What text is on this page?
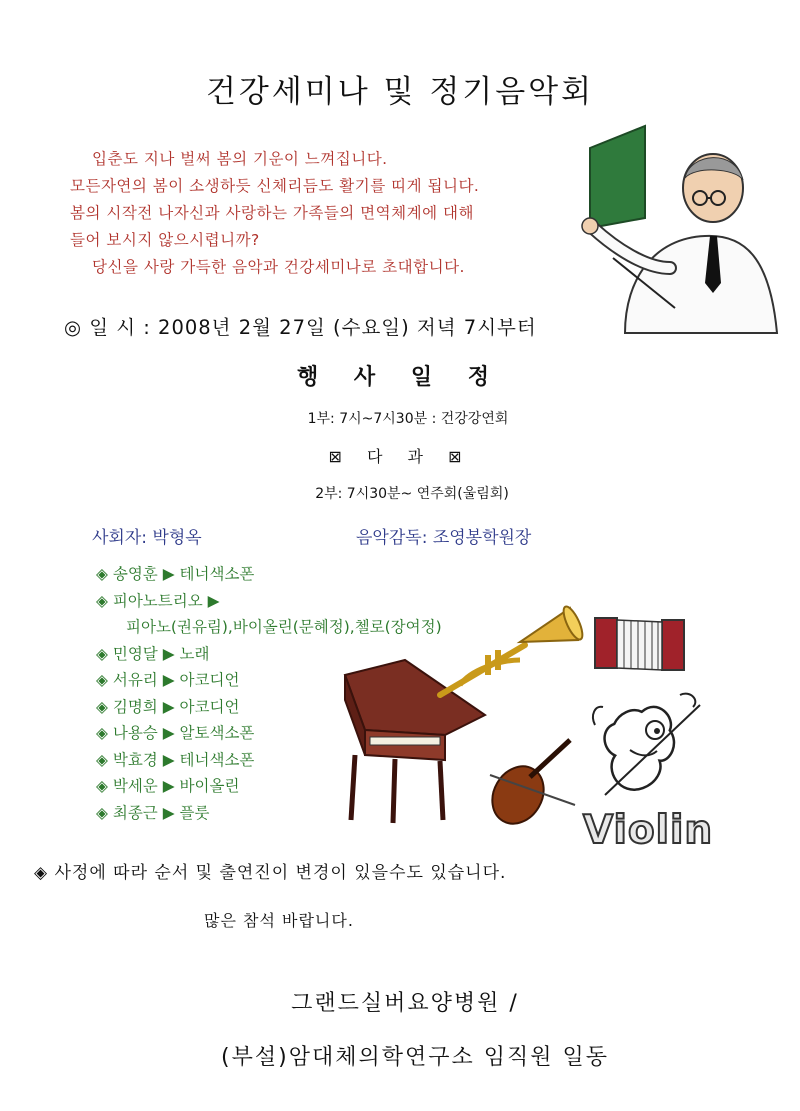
건강세미나 및 정기음악회
입춘도 지나 벌써 봄의 기운이 느껴집니다.
모든자연의 봄이 소생하듯 신체리듬도 활기를 띠게 됩니다.
봄의 시작전 나자신과 사랑하는 가족들의 면역체계에 대해
들어 보시지 않으시렵니까?
당신을 사랑 가득한 음악과 건강세미나로 초대합니다.
◎ 일 시 : 2008년 2월 27일 (수요일) 저녁 7시부터
행 사 일 정
1부: 7시~7시30분 : 건강강연회
⊠ 다 과 ⊠
2부: 7시30분~ 연주회(울림회)
사회자: 박형옥	음악감독: 조영봉학원장
◈ 송영훈 ▶ 테너색소폰
◈ 피아노트리오 ▶
피아노(권유림),바이올린(문혜정),첼로(장여정)
◈ 민영달 ▶ 노래
◈ 서유리 ▶ 아코디언
◈ 김명희 ▶ 아코디언
◈ 나용승 ▶ 알토색소폰
◈ 박효경 ▶ 테너색소폰
◈ 박세운 ▶ 바이올린
◈ 최종근 ▶ 플룻	Violin
◈ 사정에 따라 순서 및 출연진이 변경이 있을수도 있습니다.
많은 참석 바랍니다.
그랜드실버요양병원 /
(부설)암대체의학연구소 임직원 일동
